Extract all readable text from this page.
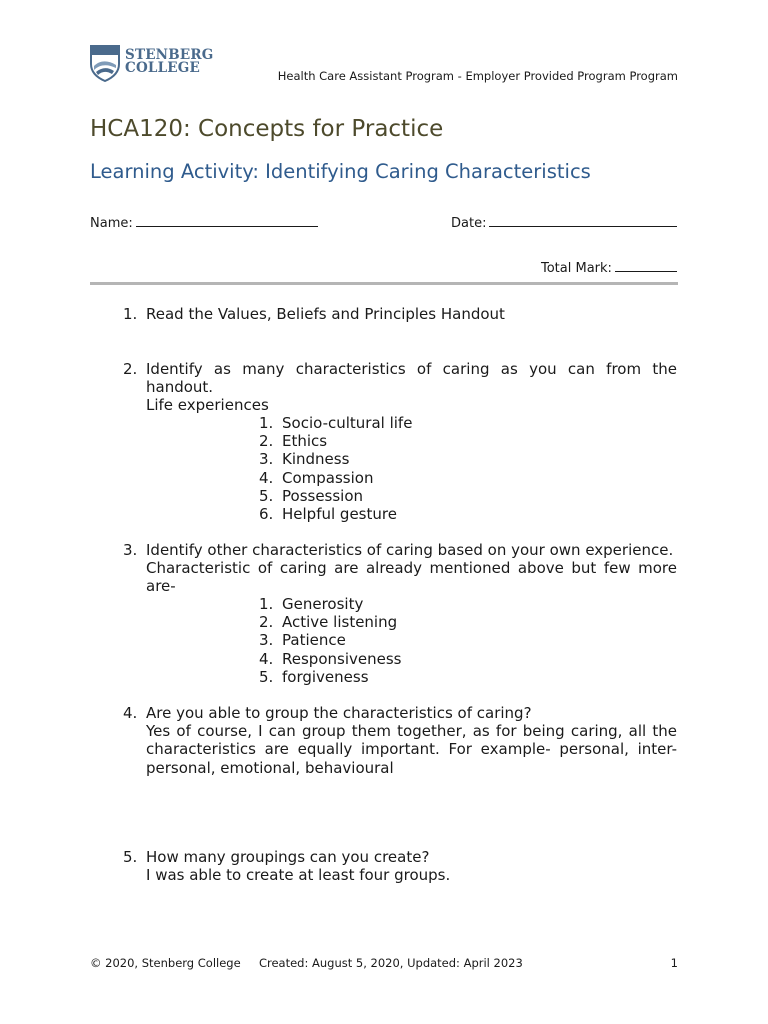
STENBERG
COLLEGE	Health Care Assistant Program - Employer Provided Program Program
HCA120: Concepts for Practice
Learning Activity: Identifying Caring Characteristics
Name:	Date:
Total Mark:
1. Read the Values, Beliefs and Principles Handout

2. Identify as many characteristics of caring as you can from the handout.

Life experiences

1. Socio-cultural life
2. Ethics
3. Kindness
4. Compassion
5. Possession
6. Helpful gesture
3. Identify other characteristics of caring based on your own experience.

Characteristic of caring are already mentioned above but few more are-

1. Generosity
2. Active listening
3. Patience
4. Responsiveness
5. forgiveness
4. Are you able to group the characteristics of caring?

Yes of course, I can group them together, as for being caring, all the characteristics are equally important. For example- personal, inter-personal, emotional, behavioural

5. How many groupings can you create?

I was able to create at least four groups.

© 2020, Stenberg College Created: August 5, 2020, Updated: April 2023	1
